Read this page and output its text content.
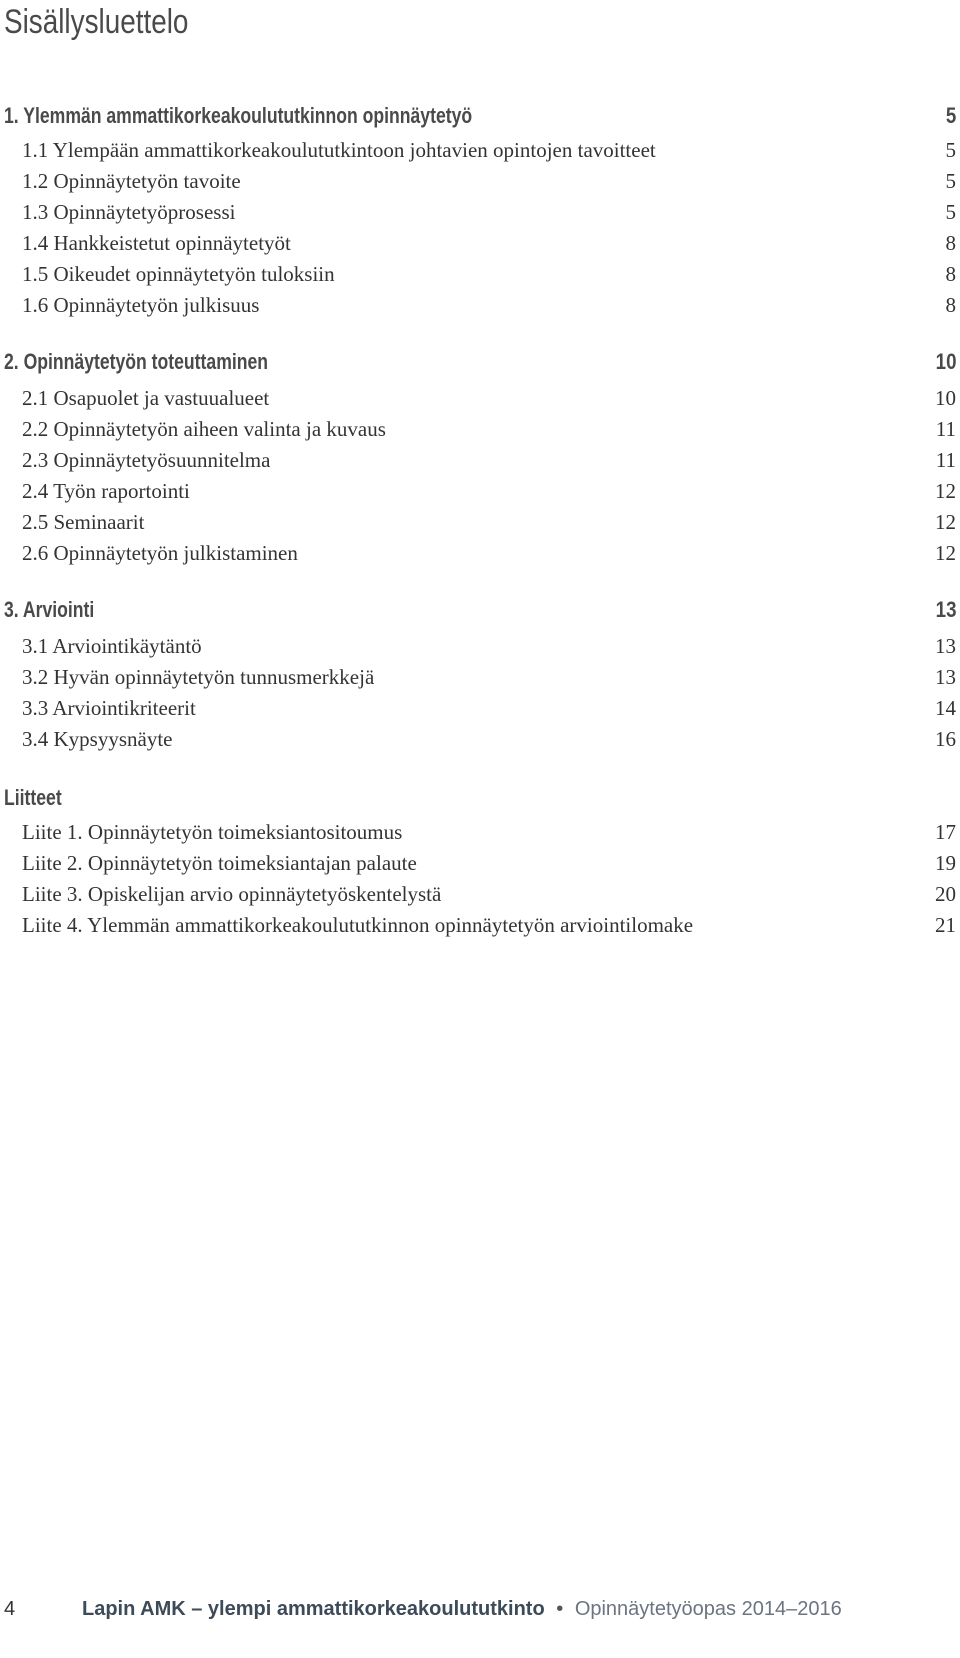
Sisällysluettelo
1. Ylemmän ammattikorkeakoulututkinnon opinnäytetyö	5
1.1 Ylempään ammattikorkeakoulututkintoon johtavien opintojen tavoitteet	5
1.2 Opinnäytetyön tavoite	5
1.3 Opinnäytetyöprosessi	5
1.4 Hankkeistetut opinnäytetyöt	8
1.5 Oikeudet opinnäytetyön tuloksiin	8
1.6 Opinnäytetyön julkisuus	8
2. Opinnäytetyön toteuttaminen	10
2.1 Osapuolet ja vastuualueet	10
2.2 Opinnäytetyön aiheen valinta ja kuvaus	11
2.3 Opinnäytetyösuunnitelma	11
2.4 Työn raportointi	12
2.5 Seminaarit	12
2.6 Opinnäytetyön julkistaminen	12
3. Arviointi	13
3.1 Arviointikäytäntö	13
3.2 Hyvän opinnäytetyön tunnusmerkkejä	13
3.3 Arviointikriteerit	14
3.4 Kypsyysnäyte	16
Liitteet
Liite 1. Opinnäytetyön toimeksiantositoumus	17
Liite 2. Opinnäytetyön toimeksiantajan palaute	19
Liite 3. Opiskelijan arvio opinnäytetyöskentelystä	20
Liite 4. Ylemmän ammattikorkeakoulututkinnon opinnäytetyön arviointilomake	21
4	Lapin AMK – ylempi ammattikorkeakoulututkinto • Opinnäytetyöopas 2014–2016
